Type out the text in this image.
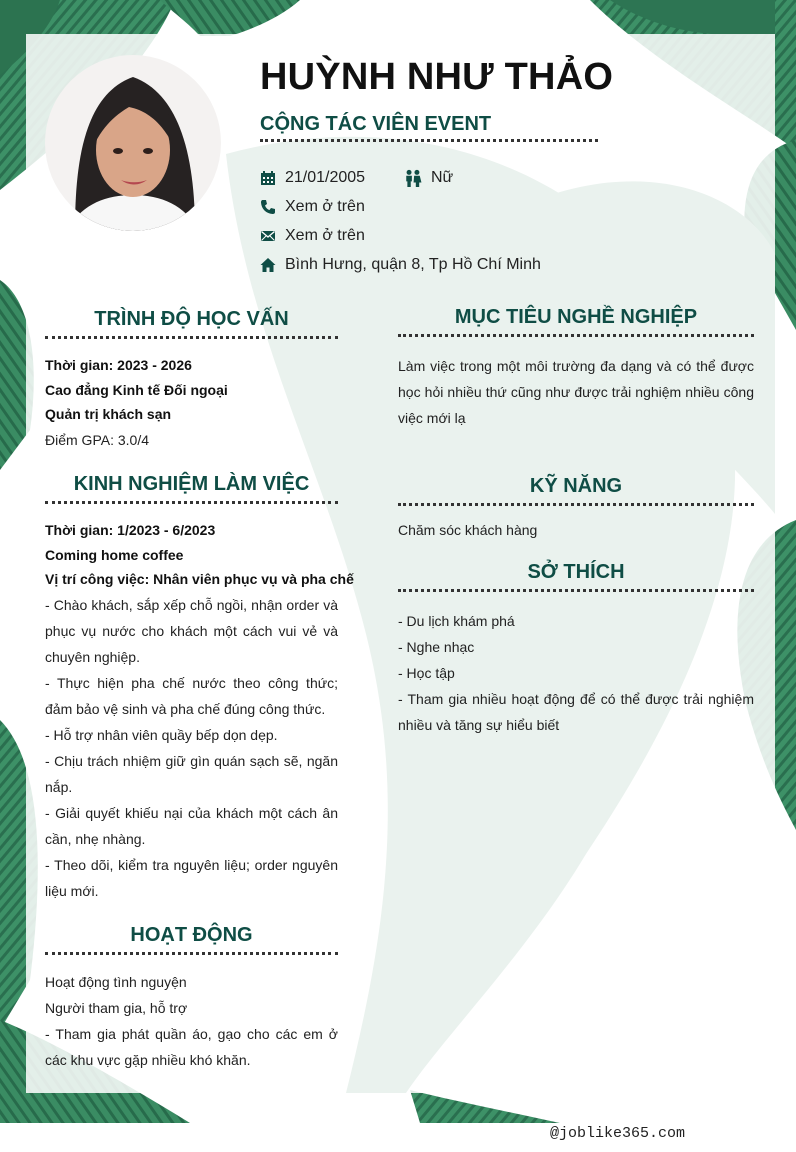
HUỲNH NHƯ THẢO
CỘNG TÁC VIÊN EVENT
21/01/2005	Nữ
Xem ở trên
Xem ở trên
Bình Hưng, quận 8, Tp Hồ Chí Minh
TRÌNH ĐỘ HỌC VẤN

Thời gian: 2023 - 2026

Cao đẳng Kinh tế Đối ngoại

Quản trị khách sạn

Điểm GPA: 3.0/4

KINH NGHIỆM LÀM VIỆC

Thời gian: 1/2023 - 6/2023

Coming home coffee

Vị trí công việc: Nhân viên phục vụ và pha chế

- Chào khách, sắp xếp chỗ ngồi, nhận order và phục vụ nước cho khách một cách vui vẻ và chuyên nghiệp.

- Thực hiện pha chế nước theo công thức; đảm bảo vệ sinh và pha chế đúng công thức.

- Hỗ trợ nhân viên quầy bếp dọn dẹp.

- Chịu trách nhiệm giữ gìn quán sạch sẽ, ngăn nắp.

- Giải quyết khiếu nại của khách một cách ân cần, nhẹ nhàng.

- Theo dõi, kiểm tra nguyên liệu; order nguyên liệu mới.

HOẠT ĐỘNG

Hoạt động tình nguyện

Người tham gia, hỗ trợ

- Tham gia phát quần áo, gạo cho các em ở các khu vực gặp nhiều khó khăn.

MỤC TIÊU NGHỀ NGHIỆP

Làm việc trong một môi trường đa dạng và có thể được học hỏi nhiều thứ cũng như được trải nghiệm nhiều công việc mới lạ

KỸ NĂNG

Chăm sóc khách hàng

SỞ THÍCH

- Du lịch khám phá

- Nghe nhạc

- Học tập

- Tham gia nhiều hoạt động để có thể được trải nghiệm nhiều và tăng sự hiểu biết

@joblike365.com
